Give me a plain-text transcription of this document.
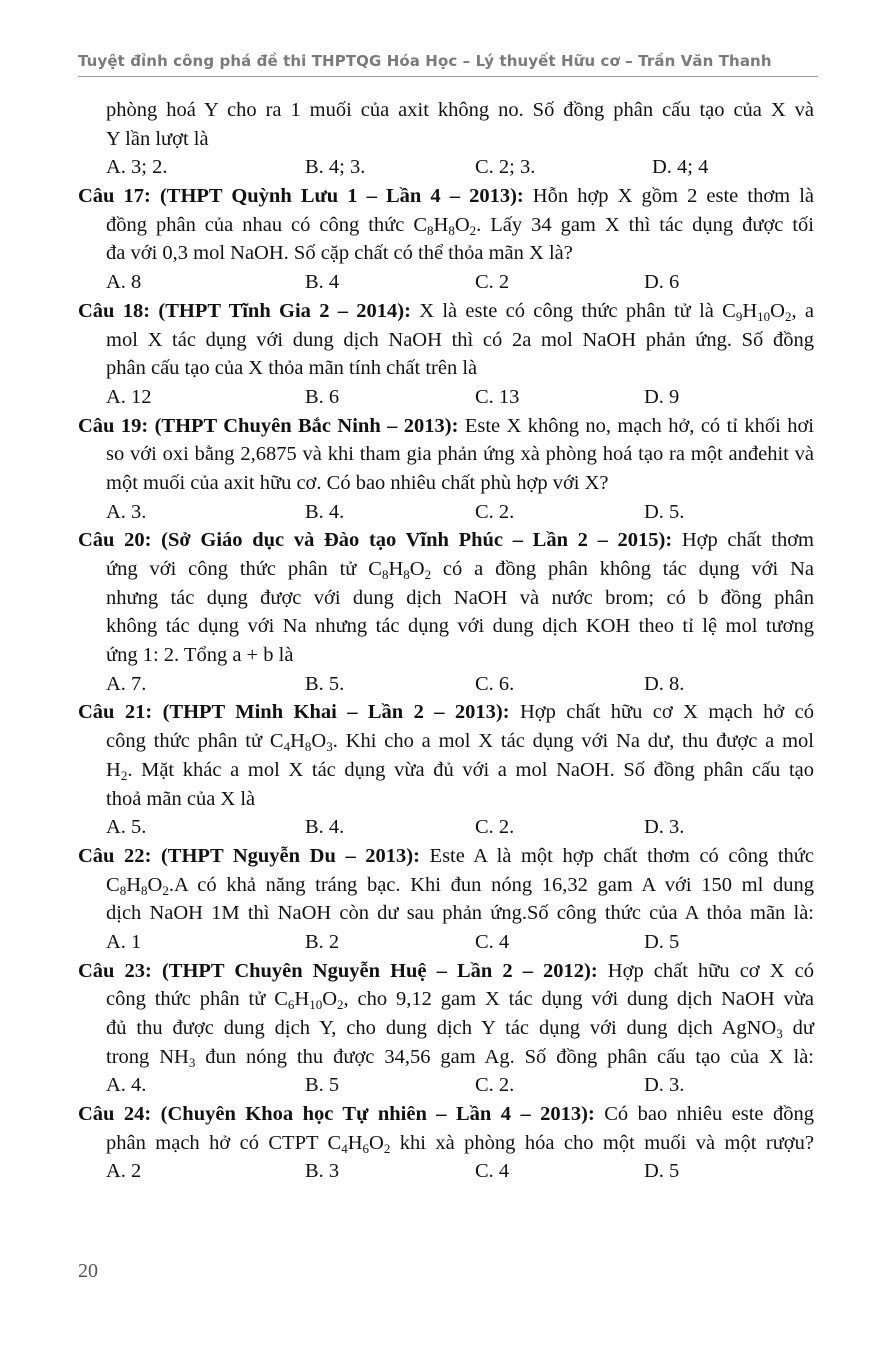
Tuyệt đỉnh công phá đề thi THPTQG Hóa Học – Lý thuyết Hữu cơ – Trần Văn Thanh
phòng hoá Y cho ra 1 muối của axit không no. Số đồng phân cấu tạo của X và
Y lần lượt là
A. 3; 2.	B. 4; 3.	C. 2; 3.	D. 4; 4
Câu 17: (THPT Quỳnh Lưu 1 – Lần 4 – 2013): Hỗn hợp X gồm 2 este thơm là
đồng phân của nhau có công thức $C_8H_8O_2$. Lấy 34 gam X thì tác dụng được tối
đa với 0,3 mol NaOH. Số cặp chất có thể thỏa mãn X là?
A. 8	B. 4	C. 2	D. 6
Câu 18: (THPT Tĩnh Gia 2 – 2014): X là este có công thức phân tử là $C_9H_{10}O_2$, a
mol X tác dụng với dung dịch NaOH thì có 2a mol NaOH phản ứng. Số đồng
phân cấu tạo của X thỏa mãn tính chất trên là
A. 12	B. 6	C. 13	D. 9
Câu 19: (THPT Chuyên Bắc Ninh – 2013): Este X không no, mạch hở, có tỉ khối hơi
so với oxi bằng 2,6875 và khi tham gia phản ứng xà phòng hoá tạo ra một anđehit và
một muối của axit hữu cơ. Có bao nhiêu chất phù hợp với X?
A. 3.	B. 4.	C. 2.	D. 5.
Câu 20: (Sở Giáo dục và Đào tạo Vĩnh Phúc – Lần 2 – 2015): Hợp chất thơm
ứng với công thức phân tử $C_8H_8O_2$ có a đồng phân không tác dụng với Na
nhưng tác dụng được với dung dịch NaOH và nước brom; có b đồng phân
không tác dụng với Na nhưng tác dụng với dung dịch KOH theo tỉ lệ mol tương
ứng 1: 2. Tổng a + b là
A. 7.	B. 5.	C. 6.	D. 8.
Câu 21: (THPT Minh Khai – Lần 2 – 2013): Hợp chất hữu cơ X mạch hở có
công thức phân tử $C_4H_8O_3$. Khi cho a mol X tác dụng với Na dư, thu được a mol
$H_2$. Mặt khác a mol X tác dụng vừa đủ với a mol NaOH. Số đồng phân cấu tạo
thoả mãn của X là
A. 5.	B. 4.	C. 2.	D. 3.
Câu 22: (THPT Nguyễn Du – 2013): Este A là một hợp chất thơm có công thức
$C_8H_8O_2.A$ có khả năng tráng bạc. Khi đun nóng 16,32 gam A với 150 ml dung
dịch NaOH 1M thì NaOH còn dư sau phản ứng.Số công thức của A thỏa mãn là:
A. 1	B. 2	C. 4	D. 5
Câu 23: (THPT Chuyên Nguyễn Huệ – Lần 2 – 2012): Hợp chất hữu cơ X có
công thức phân tử $C_6H_{10}O_2$, cho 9,12 gam X tác dụng với dung dịch NaOH vừa
đủ thu được dung dịch Y, cho dung dịch Y tác dụng với dung dịch AgNO$_3$ dư
trong $NH_3$ đun nóng thu được 34,56 gam Ag. Số đồng phân cấu tạo của X là:
A. 4.	B. 5	C. 2.	D. 3.
Câu 24: (Chuyên Khoa học Tự nhiên – Lần 4 – 2013): Có bao nhiêu este đồng
phân mạch hở có CTPT $C_4H_6O_2$ khi xà phòng hóa cho một muối và một rượu?
A. 2	B. 3	C. 4	D. 5
20
